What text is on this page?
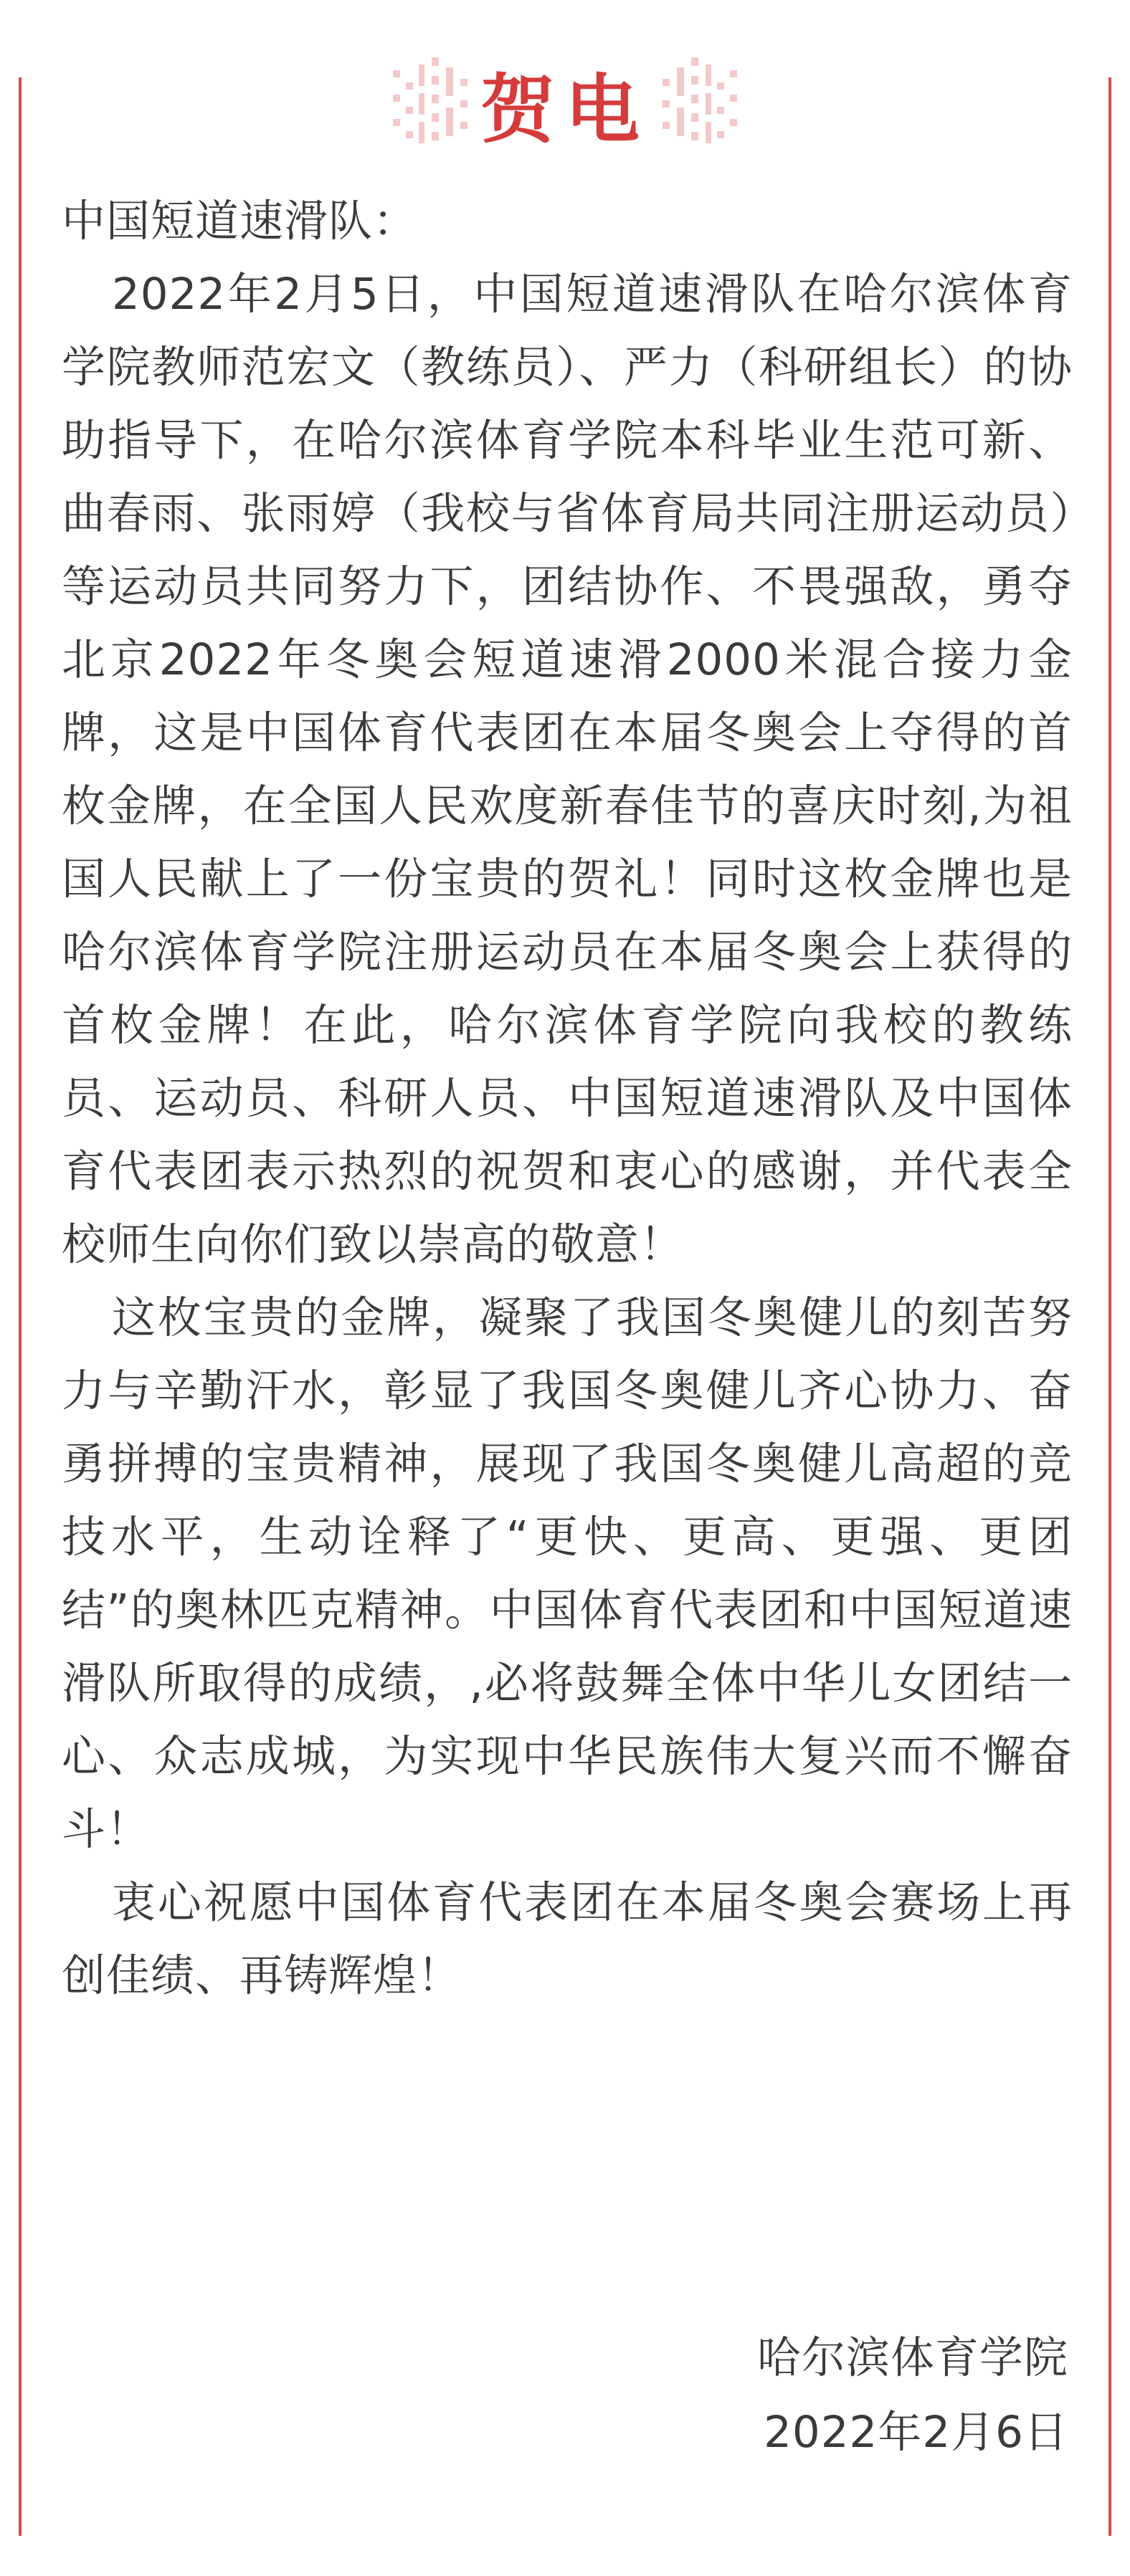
贺电

中国短道速滑队：

2022年2月5日，中国短道速滑队在哈尔滨体育学院教师范宏文（教练员）、严力（科研组长）的协助指导下，在哈尔滨体育学院本科毕业生范可新、曲春雨、张雨婷（我校与省体育局共同注册运动员）等运动员共同努力下，团结协作、不畏强敌，勇夺北京2022年冬奥会短道速滑2000米混合接力金牌，这是中国体育代表团在本届冬奥会上夺得的首枚金牌，在全国人民欢度新春佳节的喜庆时刻,为祖国人民献上了一份宝贵的贺礼！同时这枚金牌也是哈尔滨体育学院注册运动员在本届冬奥会上获得的首枚金牌！在此，哈尔滨体育学院向我校的教练员、运动员、科研人员、中国短道速滑队及中国体育代表团表示热烈的祝贺和衷心的感谢，并代表全校师生向你们致以崇高的敬意！

这枚宝贵的金牌，凝聚了我国冬奥健儿的刻苦努力与辛勤汗水，彰显了我国冬奥健儿齐心协力、奋勇拼搏的宝贵精神，展现了我国冬奥健儿高超的竞技水平，生动诠释了“更快、更高、更强、更团结”的奥林匹克精神。中国体育代表团和中国短道速滑队所取得的成绩，,必将鼓舞全体中华儿女团结一心、众志成城，为实现中华民族伟大复兴而不懈奋斗！

衷心祝愿中国体育代表团在本届冬奥会赛场上再创佳绩、再铸辉煌！

哈尔滨体育学院
2022年2月6日
